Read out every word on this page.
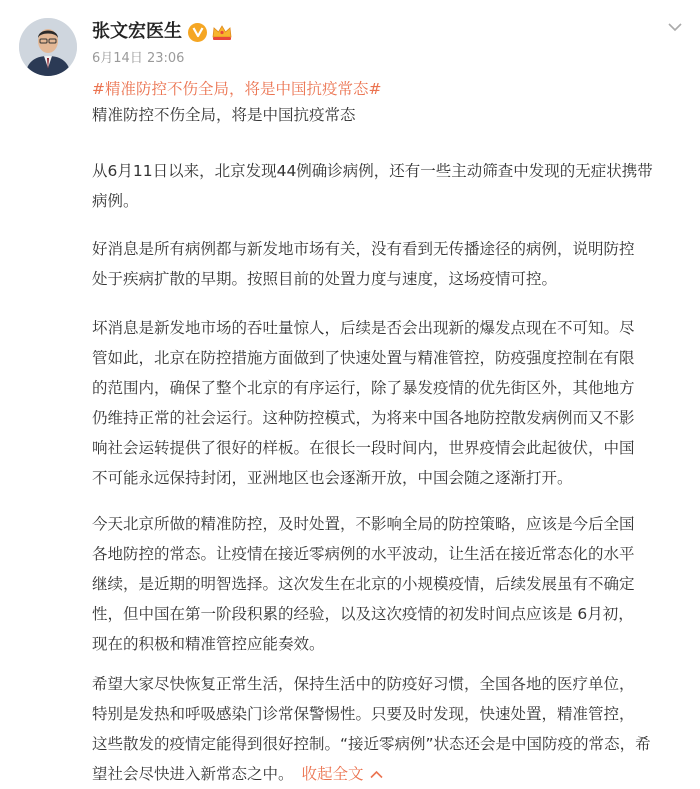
张文宏医生
6月14日 23:06
#精准防控不伤全局，将是中国抗疫常态#
精准防控不伤全局，将是中国抗疫常态

从6月11日以来，北京发现44例确诊病例，还有一些主动筛查中发现的无症状携带
病例。

好消息是所有病例都与新发地市场有关，没有看到无传播途径的病例，说明防控
处于疾病扩散的早期。按照目前的处置力度与速度，这场疫情可控。

坏消息是新发地市场的吞吐量惊人，后续是否会出现新的爆发点现在不可知。尽
管如此，北京在防控措施方面做到了快速处置与精准管控，防疫强度控制在有限
的范围内，确保了整个北京的有序运行，除了暴发疫情的优先街区外，其他地方
仍维持正常的社会运行。这种防控模式，为将来中国各地防控散发病例而又不影
响社会运转提供了很好的样板。在很长一段时间内，世界疫情会此起彼伏，中国
不可能永远保持封闭，亚洲地区也会逐渐开放，中国会随之逐渐打开。

今天北京所做的精准防控，及时处置，不影响全局的防控策略，应该是今后全国
各地防控的常态。让疫情在接近零病例的水平波动，让生活在接近常态化的水平
继续，是近期的明智选择。这次发生在北京的小规模疫情，后续发展虽有不确定
性，但中国在第一阶段积累的经验，以及这次疫情的初发时间点应该是 6月初，
现在的积极和精准管控应能奏效。

希望大家尽快恢复正常生活，保持生活中的防疫好习惯，全国各地的医疗单位，
特别是发热和呼吸感染门诊常保警惕性。只要及时发现，快速处置，精准管控，
这些散发的疫情定能得到很好控制。“接近零病例”状态还会是中国防疫的常态，希
望社会尽快进入新常态之中。 收起全文
